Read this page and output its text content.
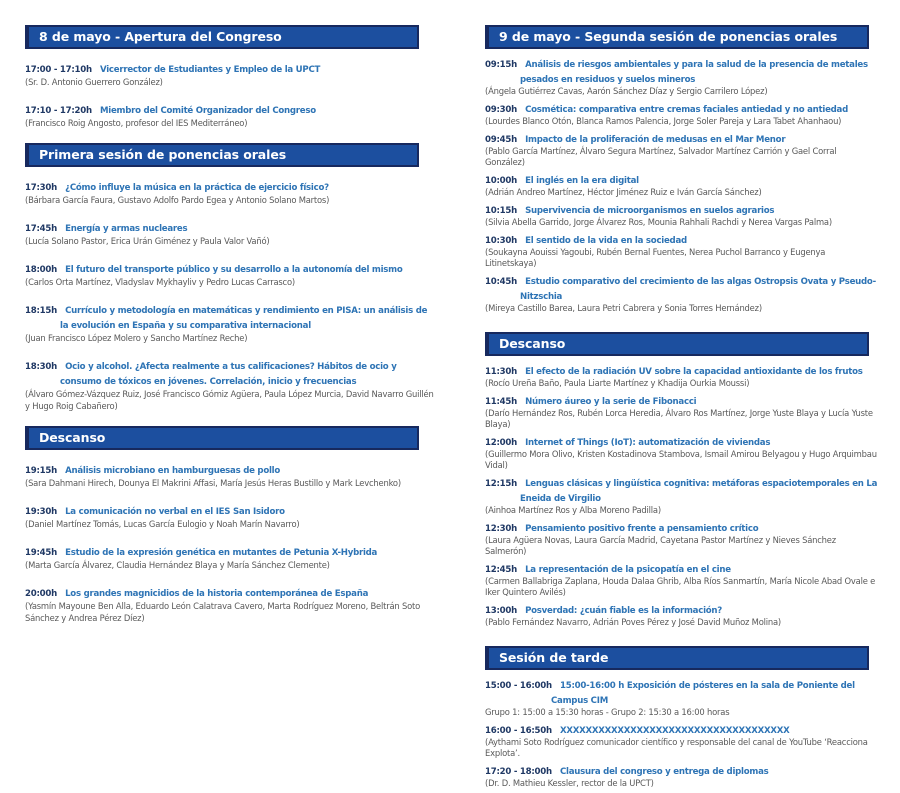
8 de mayo - Apertura del Congreso

17:00 - 17:10h Vicerrector de Estudiantes y Empleo de la UPCT

(Sr. D. Antonio Guerrero González)

17:10 - 17:20h Miembro del Comité Organizador del Congreso

(Francisco Roig Angosto, profesor del IES Mediterráneo)

Primera sesión de ponencias orales

17:30h ¿Cómo influye la música en la práctica de ejercicio físico?

(Bárbara García Faura, Gustavo Adolfo Pardo Egea y Antonio Solano Martos)

17:45h Energía y armas nucleares

(Lucía Solano Pastor, Erica Urán Giménez y Paula Valor Vañó)

18:00h El futuro del transporte público y su desarrollo a la autonomía del mismo

(Carlos Orta Martínez, Vladyslav Mykhayliv y Pedro Lucas Carrasco)

18:15h Currículo y metodología en matemáticas y rendimiento en PISA: un análisis de la evolución en España y su comparativa internacional

(Juan Francisco López Molero y Sancho Martínez Reche)

18:30h Ocio y alcohol. ¿Afecta realmente a tus calificaciones? Hábitos de ocio y consumo de tóxicos en jóvenes. Correlación, inicio y frecuencias

(Álvaro Gómez-Vázquez Ruiz, José Francisco Gómiz Agüera, Paula López Murcia, David Navarro Guillén y Hugo Roig Cabañero)

Descanso

19:15h Análisis microbiano en hamburguesas de pollo

(Sara Dahmani Hirech, Dounya El Makrini Affasi, María Jesús Heras Bustillo y Mark Levchenko)

19:30h La comunicación no verbal en el IES San Isidoro

(Daniel Martínez Tomás, Lucas García Eulogio y Noah Marín Navarro)

19:45h Estudio de la expresión genética en mutantes de Petunia X-Hybrida

(Marta García Álvarez, Claudia Hernández Blaya y María Sánchez Clemente)

20:00h Los grandes magnicidios de la historia contemporánea de España

(Yasmín Mayoune Ben Alla, Eduardo León Calatrava Cavero, Marta Rodríguez Moreno, Beltrán Soto Sánchez y Andrea Pérez Díez)

9 de mayo - Segunda sesión de ponencias orales

09:15h Análisis de riesgos ambientales y para la salud de la presencia de metales pesados en residuos y suelos mineros

(Ángela Gutiérrez Cavas, Aarón Sánchez Díaz y Sergio Carrilero López)

09:30h Cosmética: comparativa entre cremas faciales antiedad y no antiedad

(Lourdes Blanco Otón, Blanca Ramos Palencia, Jorge Soler Pareja y Lara Tabet Ahanhaou)

09:45h Impacto de la proliferación de medusas en el Mar Menor

(Pablo García Martínez, Álvaro Segura Martínez, Salvador Martínez Carrión y Gael Corral González)

10:00h El inglés en la era digital

(Adrián Andreo Martínez, Héctor Jiménez Ruiz e Iván García Sánchez)

10:15h Supervivencia de microorganismos en suelos agrarios

(Silvia Abella Garrido, Jorge Álvarez Ros, Mounia Rahhali Rachdi y Nerea Vargas Palma)

10:30h El sentido de la vida en la sociedad

(Soukayna Aouissi Yagoubi, Rubén Bernal Fuentes, Nerea Puchol Barranco y Eugenya Litinetskaya)

10:45h Estudio comparativo del crecimiento de las algas Ostropsis Ovata y Pseudo-Nitzschia

(Mireya Castillo Barea, Laura Petri Cabrera y Sonia Torres Hernández)

Descanso

11:30h El efecto de la radiación UV sobre la capacidad antioxidante de los frutos

(Rocío Ureña Baño, Paula Liarte Martínez y Khadija Ourkia Moussi)

11:45h Número áureo y la serie de Fibonacci

(Darío Hernández Ros, Rubén Lorca Heredia, Álvaro Ros Martínez, Jorge Yuste Blaya y Lucía Yuste Blaya)

12:00h Internet of Things (IoT): automatización de viviendas

(Guillermo Mora Olivo, Kristen Kostadinova Stambova, Ismail Amirou Belyagou y Hugo Arquimbau Vidal)

12:15h Lenguas clásicas y lingüística cognitiva: metáforas espaciotemporales en La Eneida de Virgilio

(Ainhoa Martínez Ros y Alba Moreno Padilla)

12:30h Pensamiento positivo frente a pensamiento crítico

(Laura Agüera Novas, Laura García Madrid, Cayetana Pastor Martínez y Nieves Sánchez Salmerón)

12:45h La representación de la psicopatía en el cine

(Carmen Ballabriga Zaplana, Houda Dalaa Ghrib, Alba Ríos Sanmartín, María Nicole Abad Ovale e Iker Quintero Avilés)

13:00h Posverdad: ¿cuán fiable es la información?

(Pablo Fernández Navarro, Adrián Poves Pérez y José David Muñoz Molina)

Sesión de tarde

15:00 - 16:00h 15:00-16:00 h Exposición de pósteres en la sala de Poniente del Campus CIM

Grupo 1: 15:00 a 15:30 horas - Grupo 2: 15:30 a 16:00 horas

16:00 - 16:50h XXXXXXXXXXXXXXXXXXXXXXXXXXXXXXXXXXXX

(Aythami Soto Rodríguez comunicador científico y responsable del canal de YouTube ‘Reacciona Explota’.

17:20 - 18:00h Clausura del congreso y entrega de diplomas

(Dr. D. Mathieu Kessler, rector de la UPCT)
